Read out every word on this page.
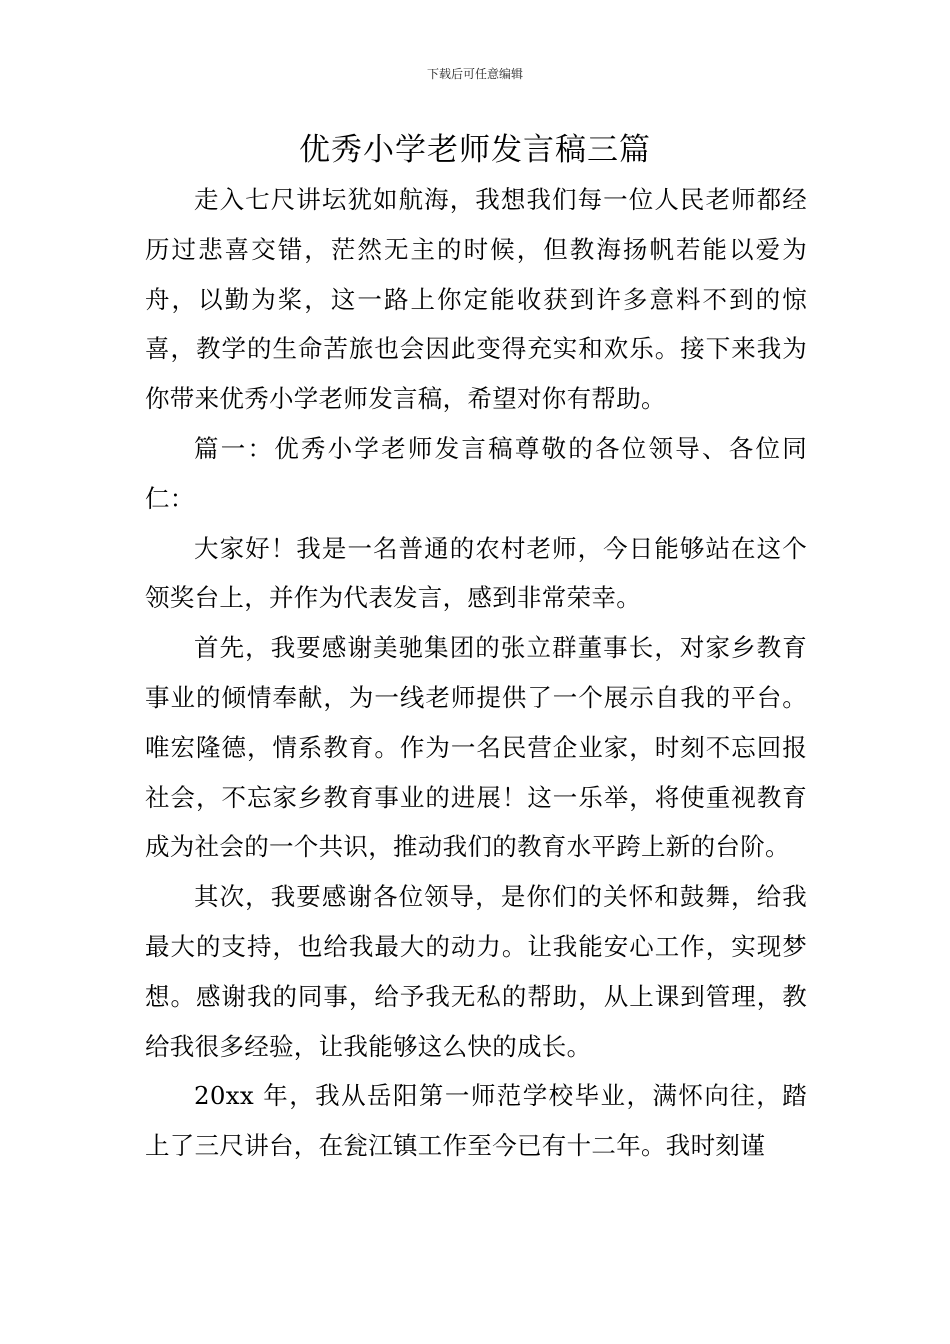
下载后可任意编辑
优秀小学老师发言稿三篇

走入七尺讲坛犹如航海，我想我们每一位人民老师都经历过悲喜交错，茫然无主的时候，但教海扬帆若能以爱为舟，以勤为桨，这一路上你定能收获到许多意料不到的惊喜，教学的生命苦旅也会因此变得充实和欢乐。接下来我为你带来优秀小学老师发言稿，希望对你有帮助。

篇一：优秀小学老师发言稿尊敬的各位领导、各位同仁：

大家好！我是一名普通的农村老师，今日能够站在这个领奖台上，并作为代表发言，感到非常荣幸。

首先，我要感谢美驰集团的张立群董事长，对家乡教育事业的倾情奉献，为一线老师提供了一个展示自我的平台。唯宏隆德，情系教育。作为一名民营企业家，时刻不忘回报社会，不忘家乡教育事业的进展！这一乐举，将使重视教育成为社会的一个共识，推动我们的教育水平跨上新的台阶。

其次，我要感谢各位领导，是你们的关怀和鼓舞，给我最大的支持，也给我最大的动力。让我能安心工作，实现梦想。感谢我的同事，给予我无私的帮助，从上课到管理，教给我很多经验，让我能够这么快的成长。

20xx 年，我从岳阳第一师范学校毕业，满怀向往，踏上了三尺讲台，在瓮江镇工作至今已有十二年。我时刻谨
